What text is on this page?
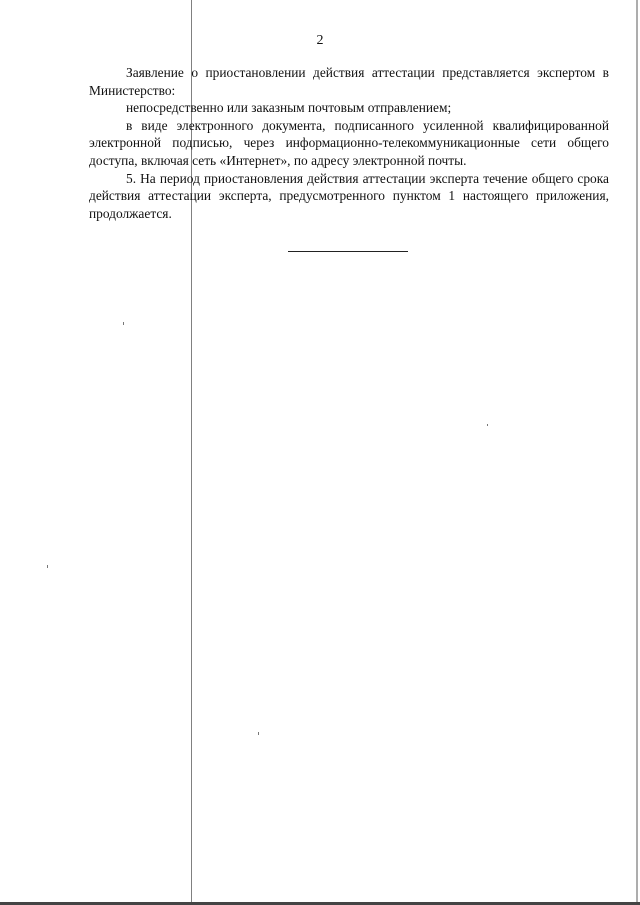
2

Заявление о приостановлении действия аттестации представляется экспертом в Министерство:

непосредственно или заказным почтовым отправлением;

в виде электронного документа, подписанного усиленной квалифицированной электронной подписью, через информационно-телекоммуникационные сети общего доступа, включая сеть «Интернет», по адресу электронной почты.

5. На период приостановления действия аттестации эксперта течение общего срока действия аттестации эксперта, предусмотренного пунктом 1 настоящего приложения, продолжается.
